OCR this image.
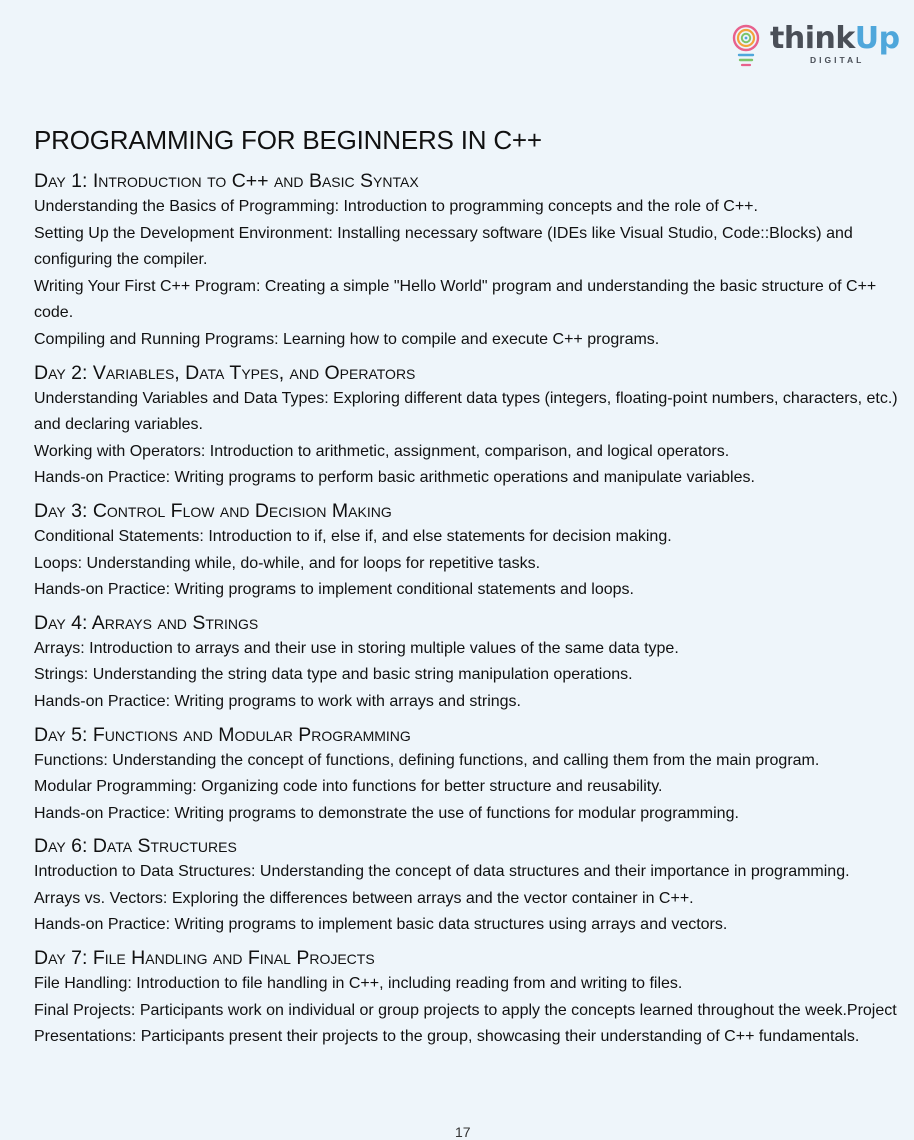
thinkUp
DIGITAL
PROGRAMMING FOR BEGINNERS IN C++
Day 1: Introduction to C++ and Basic Syntax

Understanding the Basics of Programming: Introduction to programming concepts and the role of C++.

Setting Up the Development Environment: Installing necessary software (IDEs like Visual Studio, Code::Blocks) and configuring the compiler.

Writing Your First C++ Program: Creating a simple "Hello World" program and understanding the basic structure of C++ code.

Compiling and Running Programs: Learning how to compile and execute C++ programs.

Day 2: Variables, Data Types, and Operators

Understanding Variables and Data Types: Exploring different data types (integers, floating-point numbers, characters, etc.) and declaring variables.

Working with Operators: Introduction to arithmetic, assignment, comparison, and logical operators.

Hands-on Practice: Writing programs to perform basic arithmetic operations and manipulate variables.

Day 3: Control Flow and Decision Making

Conditional Statements: Introduction to if, else if, and else statements for decision making.

Loops: Understanding while, do-while, and for loops for repetitive tasks.

Hands-on Practice: Writing programs to implement conditional statements and loops.

Day 4: Arrays and Strings

Arrays: Introduction to arrays and their use in storing multiple values of the same data type.

Strings: Understanding the string data type and basic string manipulation operations.

Hands-on Practice: Writing programs to work with arrays and strings.

Day 5: Functions and Modular Programming

Functions: Understanding the concept of functions, defining functions, and calling them from the main program.

Modular Programming: Organizing code into functions for better structure and reusability.

Hands-on Practice: Writing programs to demonstrate the use of functions for modular programming.

Day 6: Data Structures

Introduction to Data Structures: Understanding the concept of data structures and their importance in programming.

Arrays vs. Vectors: Exploring the differences between arrays and the vector container in C++.

Hands-on Practice: Writing programs to implement basic data structures using arrays and vectors.

Day 7: File Handling and Final Projects

File Handling: Introduction to file handling in C++, including reading from and writing to files.

Final Projects: Participants work on individual or group projects to apply the concepts learned throughout the week.Project Presentations: Participants present their projects to the group, showcasing their understanding of C++ fundamentals.

17
